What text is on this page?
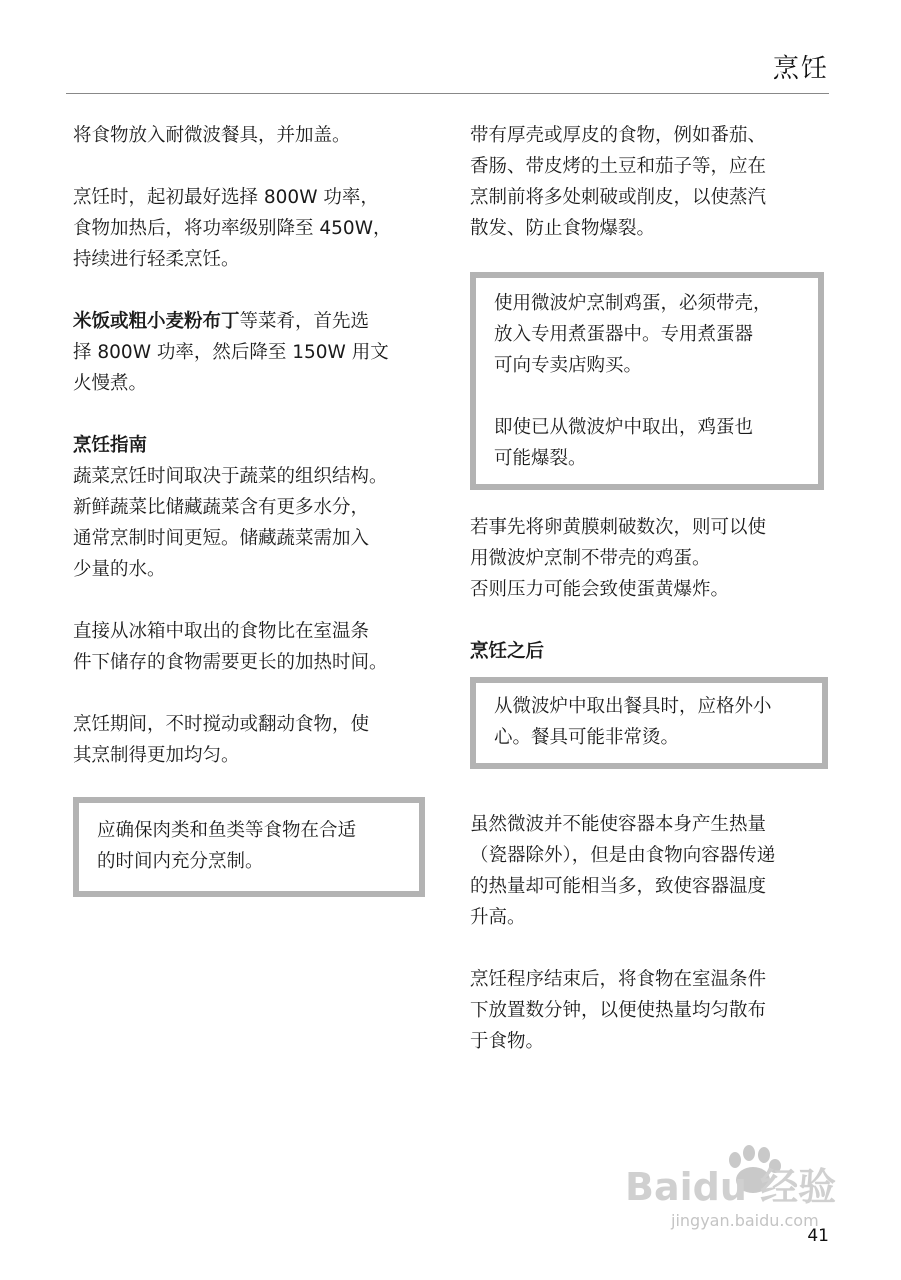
烹饪

将食物放入耐微波餐具，并加盖。

烹饪时，起初最好选择 800W 功率，
食物加热后，将功率级别降至 450W，
持续进行轻柔烹饪。

米饭或粗小麦粉布丁等菜肴，首先选
择 800W 功率，然后降至 150W 用文
火慢煮。

烹饪指南

蔬菜烹饪时间取决于蔬菜的组织结构。
新鲜蔬菜比储藏蔬菜含有更多水分，
通常烹制时间更短。储藏蔬菜需加入
少量的水。

直接从冰箱中取出的食物比在室温条
件下储存的食物需要更长的加热时间。

烹饪期间，不时搅动或翻动食物，使
其烹制得更加均匀。

应确保肉类和鱼类等食物在合适
的时间内充分烹制。

带有厚壳或厚皮的食物，例如番茄、
香肠、带皮烤的土豆和茄子等，应在
烹制前将多处刺破或削皮，以使蒸汽
散发、防止食物爆裂。

使用微波炉烹制鸡蛋，必须带壳，
放入专用煮蛋器中。专用煮蛋器
可向专卖店购买。

即使已从微波炉中取出，鸡蛋也
可能爆裂。

若事先将卵黄膜刺破数次，则可以使
用微波炉烹制不带壳的鸡蛋。
否则压力可能会致使蛋黄爆炸。

烹饪之后

从微波炉中取出餐具时，应格外小
心。餐具可能非常烫。

虽然微波并不能使容器本身产生热量
（瓷器除外），但是由食物向容器传递
的热量却可能相当多，致使容器温度
升高。

烹饪程序结束后，将食物在室温条件
下放置数分钟，以便使热量均匀散布
于食物。

Baidu 经验
jingyan.baidu.com
41
